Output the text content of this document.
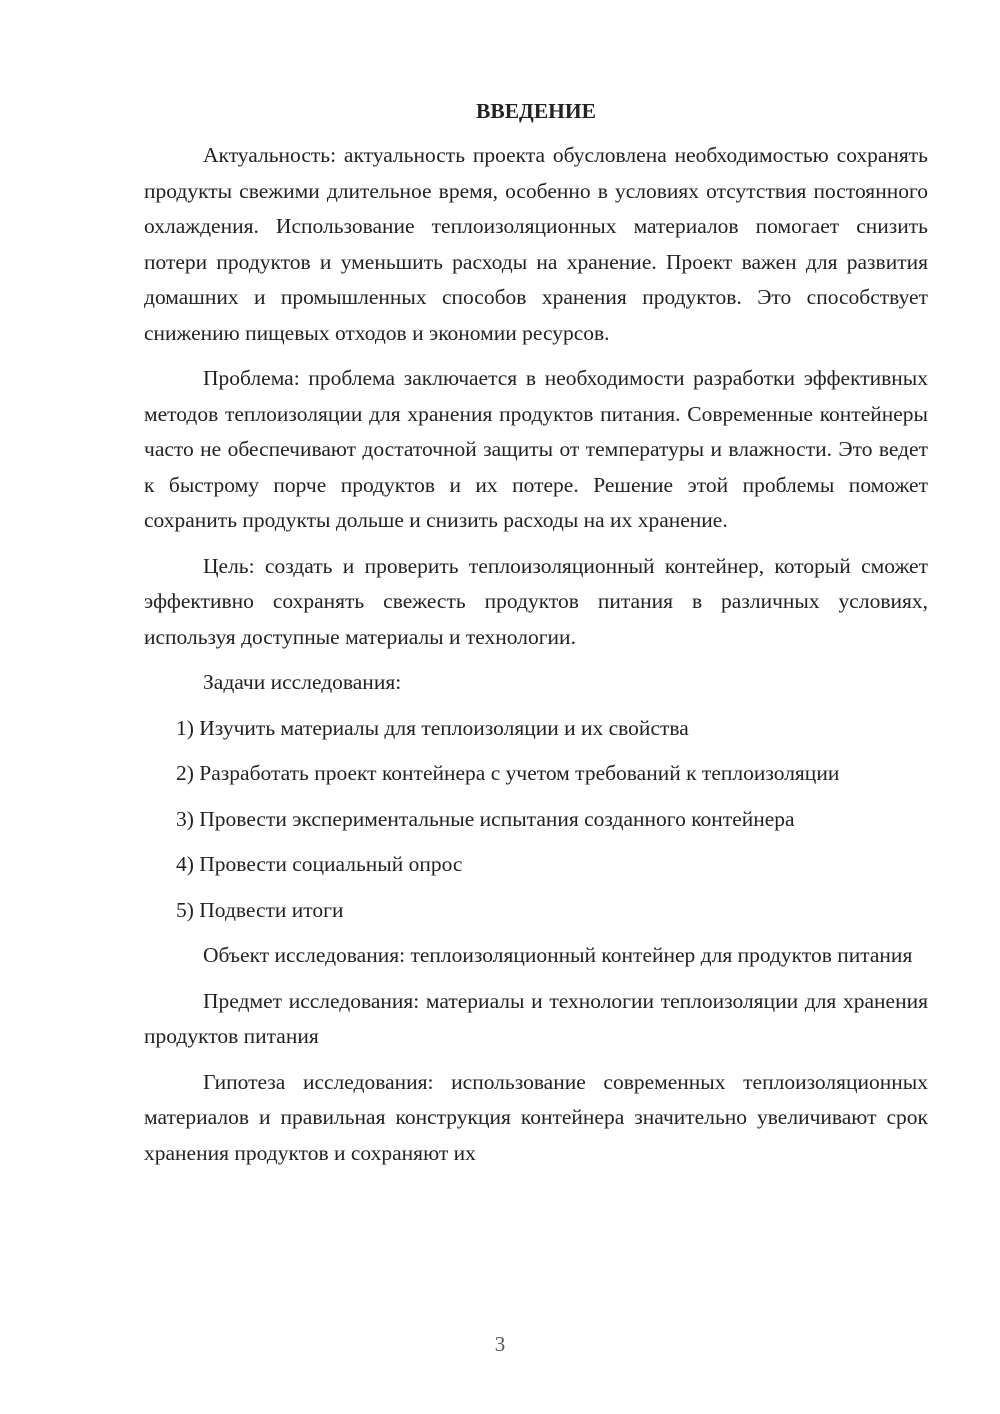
ВВЕДЕНИЕ
Актуальность: актуальность проекта обусловлена необходимостью сохранять продукты свежими длительное время, особенно в условиях отсутствия постоянного охлаждения. Использование теплоизоляционных материалов помогает снизить потери продуктов и уменьшить расходы на хранение. Проект важен для развития домашних и промышленных способов хранения продуктов. Это способствует снижению пищевых отходов и экономии ресурсов.
Проблема: проблема заключается в необходимости разработки эффективных методов теплоизоляции для хранения продуктов питания. Современные контейнеры часто не обеспечивают достаточной защиты от температуры и влажности. Это ведет к быстрому порче продуктов и их потере. Решение этой проблемы поможет сохранить продукты дольше и снизить расходы на их хранение.
Цель: создать и проверить теплоизоляционный контейнер, который сможет эффективно сохранять свежесть продуктов питания в различных условиях, используя доступные материалы и технологии.
Задачи исследования:
1) Изучить материалы для теплоизоляции и их свойства
2) Разработать проект контейнера с учетом требований к теплоизоляции
3) Провести экспериментальные испытания созданного контейнера
4) Провести социальный опрос
5) Подвести итоги
Объект исследования: теплоизоляционный контейнер для продуктов питания
Предмет исследования: материалы и технологии теплоизоляции для хранения продуктов питания
Гипотеза исследования: использование современных теплоизоляционных материалов и правильная конструкция контейнера значительно увеличивают срок хранения продуктов и сохраняют их
3
